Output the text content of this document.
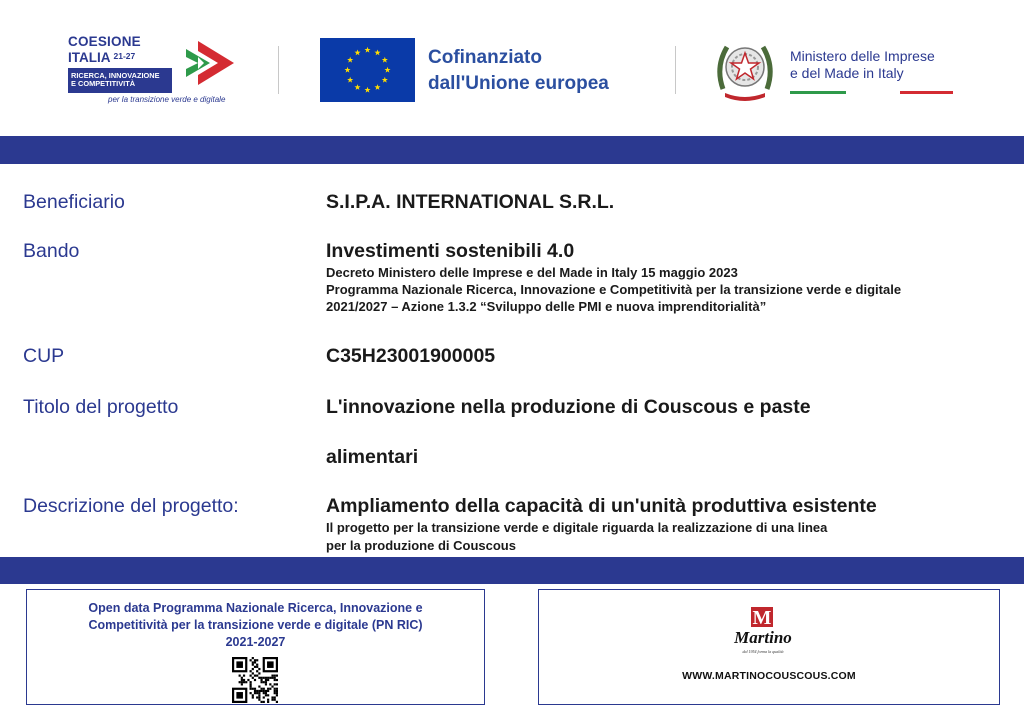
COESIONE
ITALIA $^{21-27}$
RICERCA, INNOVAZIONE
E COMPETITIVITÀ
per la transizione verde e digitale
Cofinanziato
dall'Unione europea
Ministero delle Imprese
e del Made in Italy
Beneficiario	S.I.P.A. INTERNATIONAL S.R.L.
Bando	Investimenti sostenibili 4.0
Decreto Ministero delle Imprese e del Made in Italy 15 maggio 2023
Programma Nazionale Ricerca, Innovazione e Competitività per la transizione verde e digitale
2021/2027 – Azione 1.3.2 “Sviluppo delle PMI e nuova imprenditorialità”
CUP	C35H23001900005
Titolo del progetto	L'innovazione nella produzione di Couscous e paste
alimentari
Descrizione del progetto:	Ampliamento della capacità di un'unità produttiva esistente
Il progetto per la transizione verde e digitale riguarda la realizzazione di una linea
per la produzione di Couscous
Open data Programma Nazionale Ricerca, Innovazione e
Competitività per la transizione verde e digitale (PN RIC)
2021-2027
M
Martino
dal 1954 forma la qualità
WWW.MARTINOCOUSCOUS.COM
